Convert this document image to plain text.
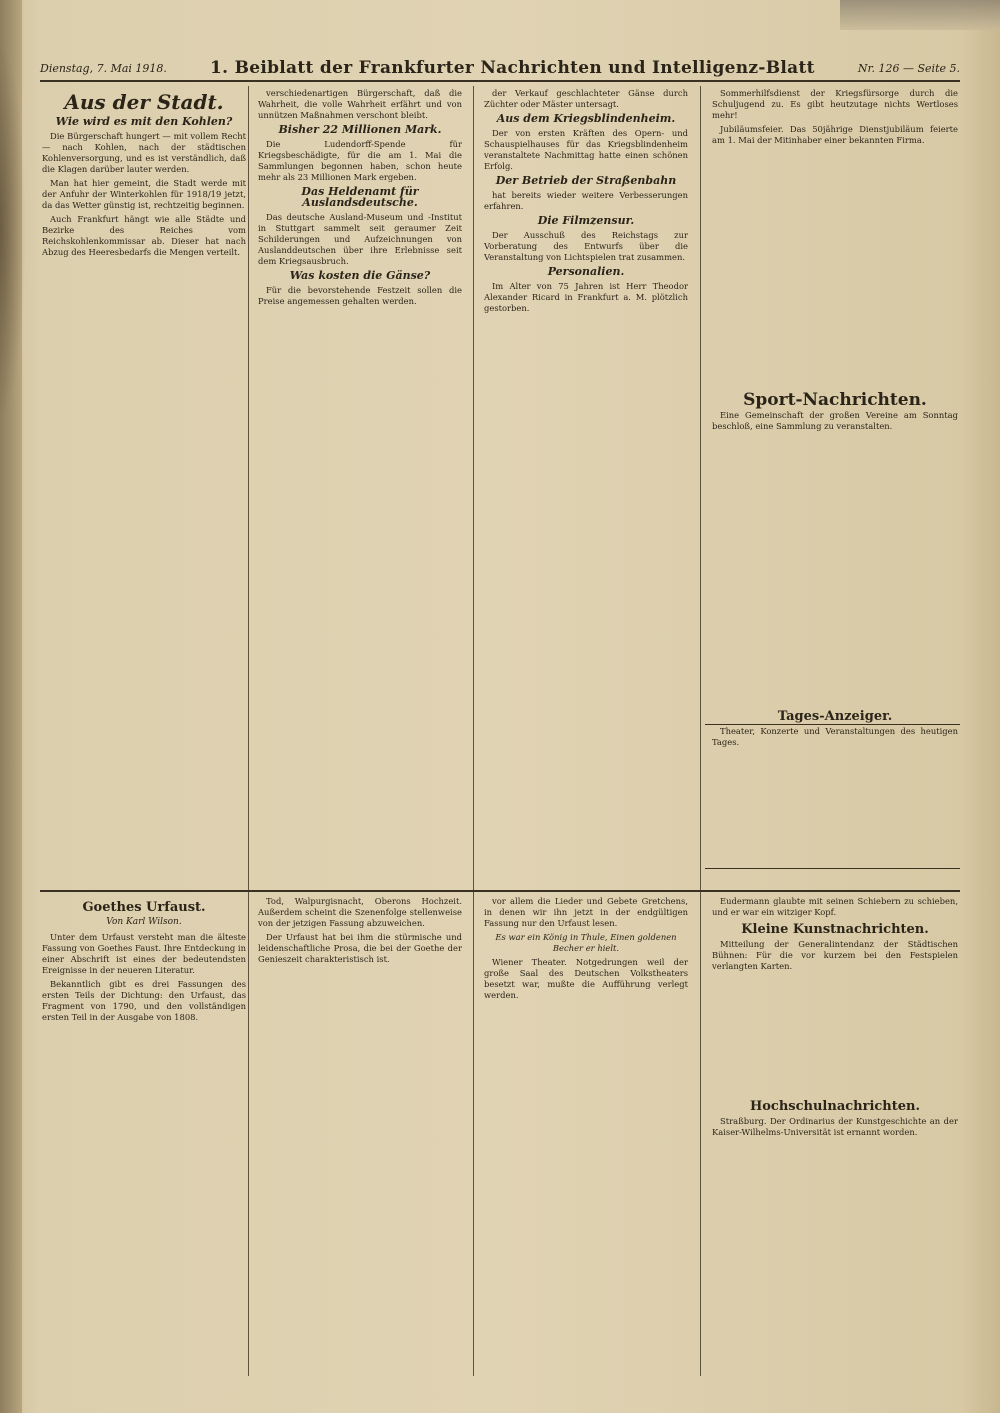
Dienstag, 7. Mai 1918.	1. Beiblatt der Frankfurter Nachrichten und Intelligenz-Blatt	Nr. 126 — Seite 5.
Aus der Stadt.
Wie wird es mit den Kohlen?

Die Bürgerschaft hungert — mit vollem Recht — nach Kohlen, nach der städtischen Kohlenversorgung, und es ist verständlich, daß die Klagen darüber lauter werden.

Man hat hier gemeint, die Stadt werde mit der Anfuhr der Winterkohlen für 1918/19 jetzt, da das Wetter günstig ist, rechtzeitig beginnen.

Auch Frankfurt hängt wie alle Städte und Bezirke des Reiches vom Reichskohlenkommissar ab. Dieser hat nach Abzug des Heeresbedarfs die Mengen verteilt.

Goethes Urfaust.
Von Karl Wilson.

Unter dem Urfaust versteht man die älteste Fassung von Goethes Faust. Ihre Entdeckung in einer Abschrift ist eines der bedeutendsten Ereignisse in der neueren Literatur.

Bekanntlich gibt es drei Fassungen des ersten Teils der Dichtung: den Urfaust, das Fragment von 1790, und den vollständigen ersten Teil in der Ausgabe von 1808.

verschiedenartigen Bürgerschaft, daß die Wahrheit, die volle Wahrheit erfährt und von unnützen Maßnahmen verschont bleibt.

Bisher 22 Millionen Mark.

Die Ludendorff-Spende für Kriegsbeschädigte, für die am 1. Mai die Sammlungen begonnen haben, schon heute mehr als 23 Millionen Mark ergeben.

Das Heldenamt für Auslandsdeutsche.

Das deutsche Ausland-Museum und -Institut in Stuttgart sammelt seit geraumer Zeit Schilderungen und Aufzeichnungen von Auslanddeutschen über ihre Erlebnisse seit dem Kriegsausbruch.

Was kosten die Gänse?

Für die bevorstehende Festzeit sollen die Preise angemessen gehalten werden.

Tod, Walpurgisnacht, Oberons Hochzeit. Außerdem scheint die Szenenfolge stellenweise von der jetzigen Fassung abzuweichen.

Der Urfaust hat bei ihm die stürmische und leidenschaftliche Prosa, die bei der Goethe der Genieszeit charakteristisch ist.

der Verkauf geschlachteter Gänse durch Züchter oder Mäster untersagt.

Aus dem Kriegsblindenheim.

Der von ersten Kräften des Opern- und Schauspielhauses für das Kriegsblindenheim veranstaltete Nachmittag hatte einen schönen Erfolg.

Der Betrieb der Straßenbahn

hat bereits wieder weitere Verbesserungen erfahren.

Die Filmzensur.

Der Ausschuß des Reichstags zur Vorberatung des Entwurfs über die Veranstaltung von Lichtspielen trat zusammen.

Personalien.

Im Alter von 75 Jahren ist Herr Theodor Alexander Ricard in Frankfurt a. M. plötzlich gestorben.

vor allem die Lieder und Gebete Gretchens, in denen wir ihn jetzt in der endgültigen Fassung nur den Urfaust lesen.

Es war ein König in Thule, Einen goldenen Becher er hielt.

Wiener Theater. Notgedrungen weil der große Saal des Deutschen Volkstheaters besetzt war, mußte die Aufführung verlegt werden.

Sommerhilfsdienst der Kriegsfürsorge durch die Schuljugend zu. Es gibt heutzutage nichts Wertloses mehr!

Jubiläumsfeier. Das 50jährige Dienstjubiläum feierte am 1. Mai der Mitinhaber einer bekannten Firma.

Sport-Nachrichten.

Eine Gemeinschaft der großen Vereine am Sonntag beschloß, eine Sammlung zu veranstalten.

Tages-Anzeiger.

Theater, Konzerte und Veranstaltungen des heutigen Tages.

Eudermann glaubte mit seinen Schiebern zu schieben, und er war ein witziger Kopf.

Kleine Kunstnachrichten.

Mitteilung der Generalintendanz der Städtischen Bühnen: Für die vor kurzem bei den Festspielen verlangten Karten.

Hochschulnachrichten.

Straßburg. Der Ordinarius der Kunstgeschichte an der Kaiser-Wilhelms-Universität ist ernannt worden.
